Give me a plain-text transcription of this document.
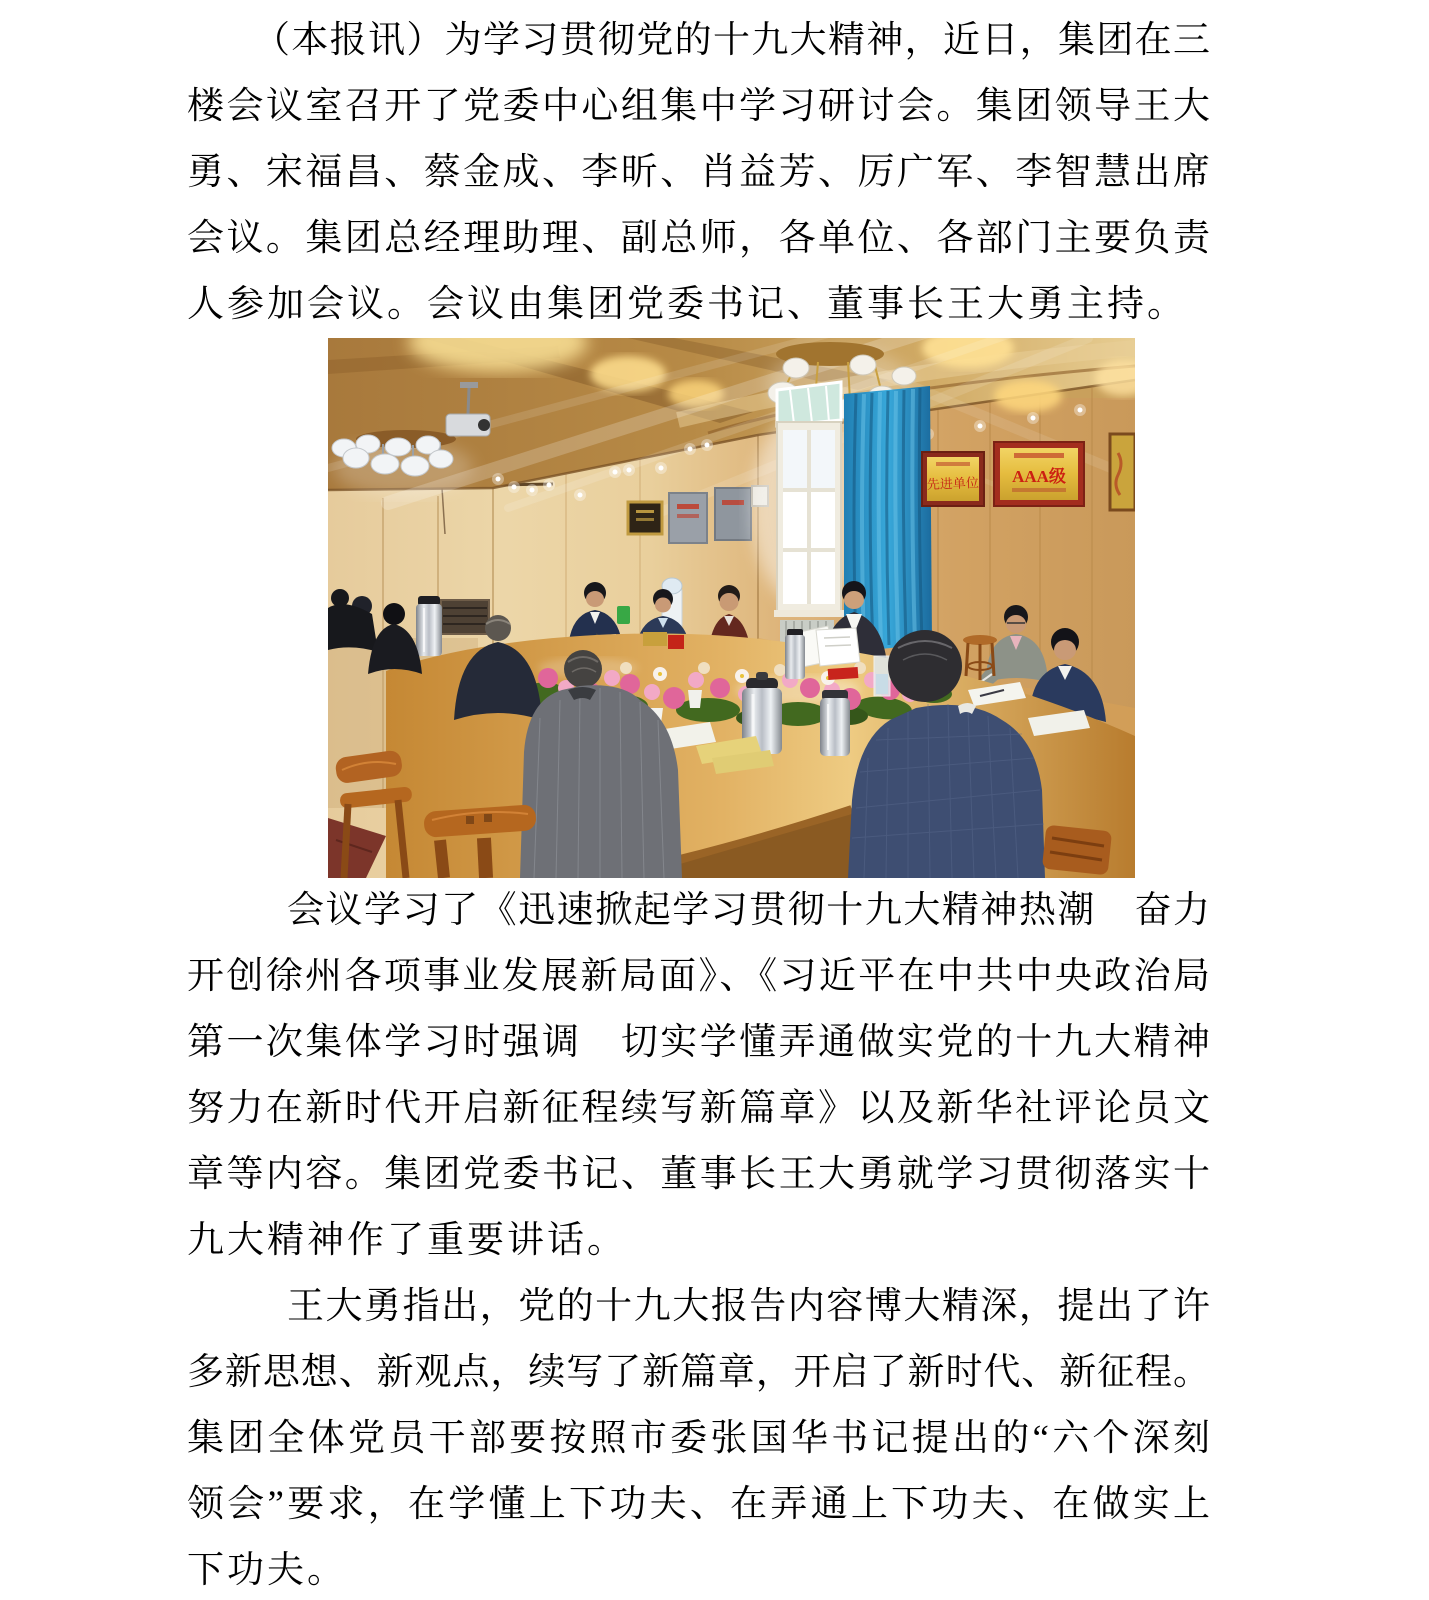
（本报讯）为学习贯彻党的十九大精神，近日，集团在三
楼会议室召开了党委中心组集中学习研讨会。集团领导王大
勇、宋福昌、蔡金成、李昕、肖益芳、厉广军、李智慧出席
会议。集团总经理助理、副总师，各单位、各部门主要负责
人参加会议。会议由集团党委书记、董事长王大勇主持。
先进单位 AAA级
会议学习了《迅速掀起学习贯彻十九大精神热潮　奋力
开创徐州各项事业发展新局面》、《习近平在中共中央政治局
第一次集体学习时强调　切实学懂弄通做实党的十九大精神
努力在新时代开启新征程续写新篇章》以及新华社评论员文
章等内容。集团党委书记、董事长王大勇就学习贯彻落实十
九大精神作了重要讲话。
王大勇指出，党的十九大报告内容博大精深，提出了许
多新思想、新观点，续写了新篇章，开启了新时代、新征程。
集团全体党员干部要按照市委张国华书记提出的“六个深刻
领会”要求，在学懂上下功夫、在弄通上下功夫、在做实上
下功夫。
